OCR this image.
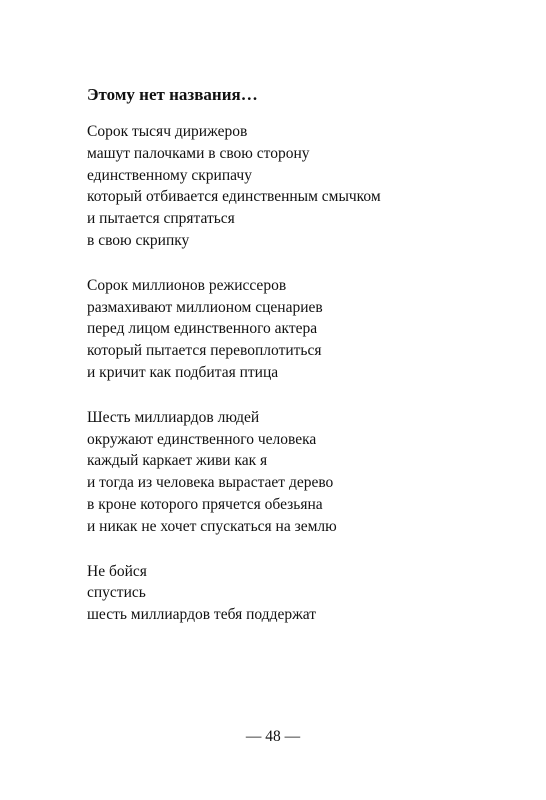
Этому нет названия…
Сорок тысяч дирижеров
машут палочками в свою сторону
единственному скрипачу
который отбивается единственным смычком
и пытается спрятаться
в свою скрипку
Сорок миллионов режиссеров
размахивают миллионом сценариев
перед лицом единственного актера
который пытается перевоплотиться
и кричит как подбитая птица
Шесть миллиардов людей
окружают единственного человека
каждый каркает живи как я
и тогда из человека вырастает дерево
в кроне которого прячется обезьяна
и никак не хочет спускаться на землю
Не бойся
спустись
шесть миллиардов тебя поддержат
— 48 —
